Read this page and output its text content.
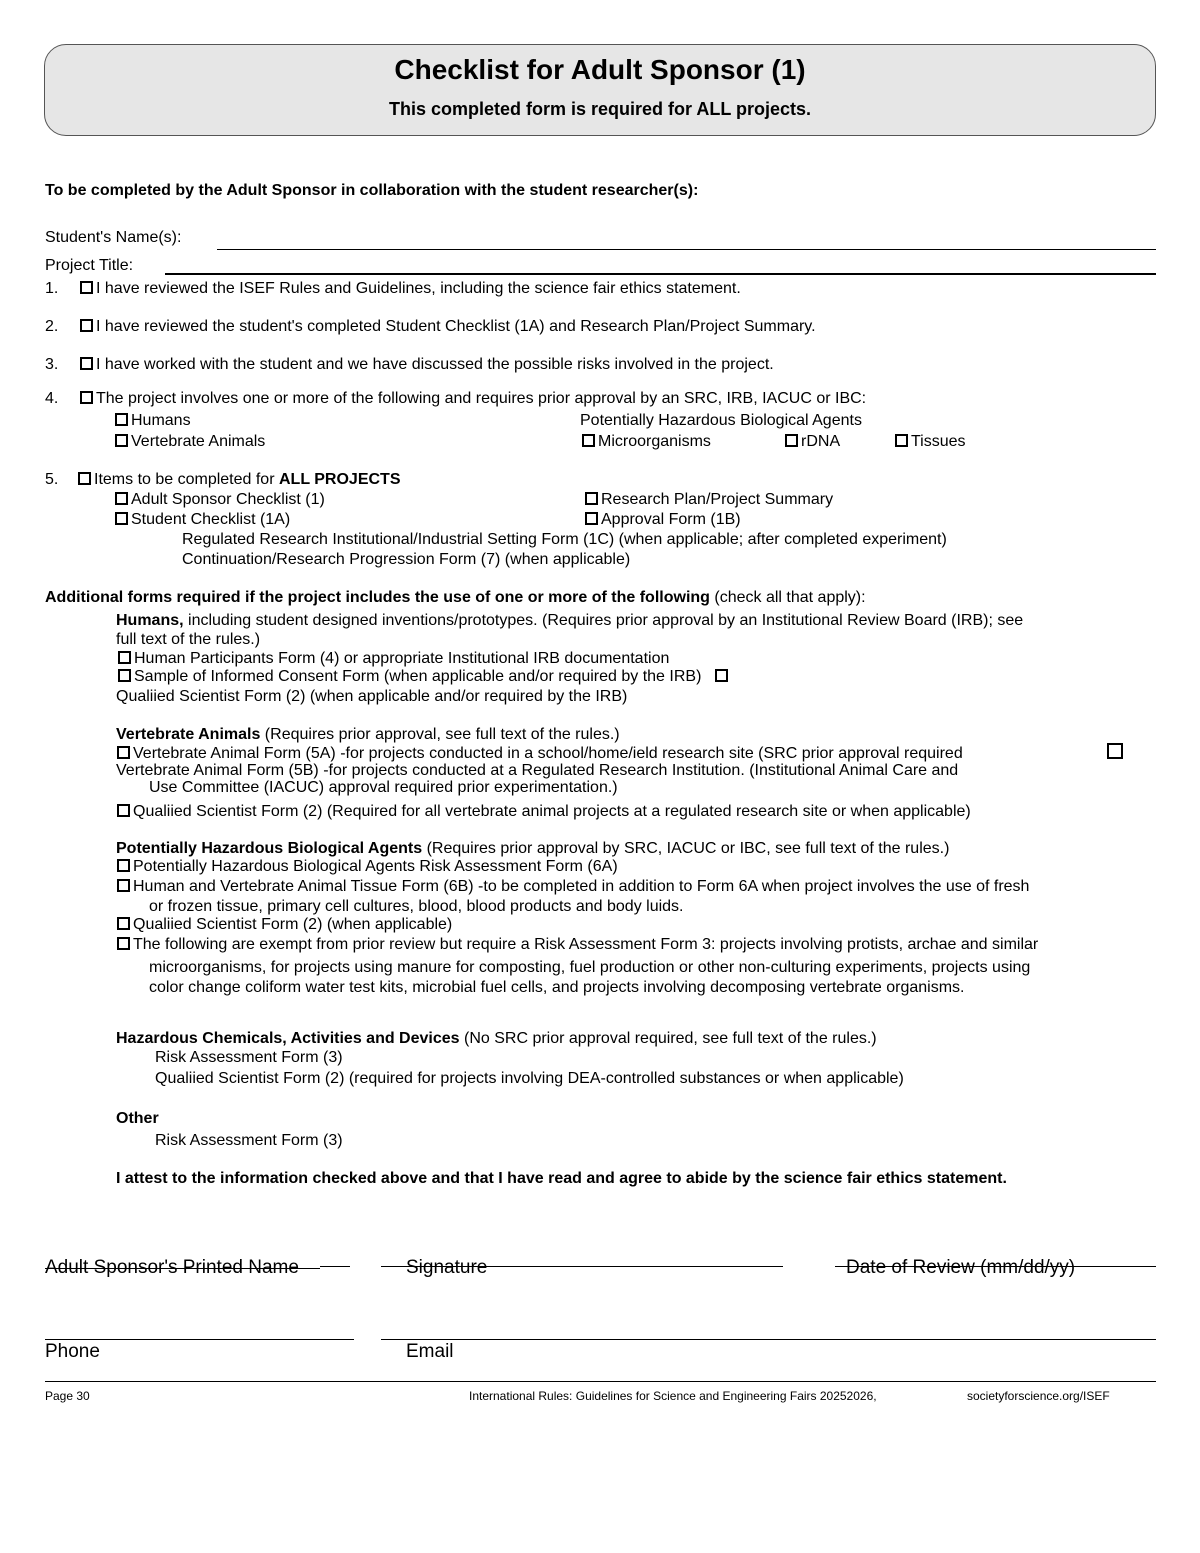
Checklist for Adult Sponsor (1)
This completed form is required for ALL projects.
To be completed by the Adult Sponsor in collaboration with the student researcher(s):
Student's Name(s):
Project Title:
1.	I have reviewed the ISEF Rules and Guidelines, including the science fair ethics statement.
2.	I have reviewed the student's completed Student Checklist (1A) and Research Plan/Project Summary.
3.	I have worked with the student and we have discussed the possible risks involved in the project.
4.	The project involves one or more of the following and requires prior approval by an SRC, IRB, IACUC or IBC:
Humans	Potentially Hazardous Biological Agents
Vertebrate Animals	Microorganisms	rDNA	Tissues
5.	Items to be completed for ALL PROJECTS
Adult Sponsor Checklist (1)	Research Plan/Project Summary
Student Checklist (1A)	Approval Form (1B)
Regulated Research Institutional/Industrial Setting Form (1C) (when applicable; after completed experiment)
Continuation/Research Progression Form (7) (when applicable)
Additional forms required if the project includes the use of one or more of the following (check all that apply):
Humans, including student designed inventions/prototypes. (Requires prior approval by an Institutional Review Board (IRB); see
full text of the rules.)
Human Participants Form (4) or appropriate Institutional IRB documentation
Sample of Informed Consent Form (when applicable and/or required by the IRB)
Qualiied Scientist Form (2) (when applicable and/or required by the IRB)
Vertebrate Animals (Requires prior approval, see full text of the rules.)
Vertebrate Animal Form (5A) -for projects conducted in a school/home/ield research site (SRC prior approval required
Vertebrate Animal Form (5B) -for projects conducted at a Regulated Research Institution. (Institutional Animal Care and
Use Committee (IACUC) approval required prior experimentation.)
Qualiied Scientist Form (2) (Required for all vertebrate animal projects at a regulated research site or when applicable)
Potentially Hazardous Biological Agents (Requires prior approval by SRC, IACUC or IBC, see full text of the rules.)
Potentially Hazardous Biological Agents Risk Assessment Form (6A)
Human and Vertebrate Animal Tissue Form (6B) -to be completed in addition to Form 6A when project involves the use of fresh
or frozen tissue, primary cell cultures, blood, blood products and body luids.
Qualiied Scientist Form (2) (when applicable)
The following are exempt from prior review but require a Risk Assessment Form 3: projects involving protists, archae and similar
microorganisms, for projects using manure for composting, fuel production or other non-culturing experiments, projects using
color change coliform water test kits, microbial fuel cells, and projects involving decomposing vertebrate organisms.
Hazardous Chemicals, Activities and Devices (No SRC prior approval required, see full text of the rules.)
Risk Assessment Form (3)
Qualiied Scientist Form (2) (required for projects involving DEA-controlled substances or when applicable)
Other
Risk Assessment Form (3)
I attest to the information checked above and that I have read and agree to abide by the science fair ethics statement.
Adult Sponsor's Printed Name	Signature	Date of Review (mm/dd/yy)
Phone	Email
Page 30	International Rules: Guidelines for Science and Engineering Fairs 20252026,	societyforscience.org/ISEF
